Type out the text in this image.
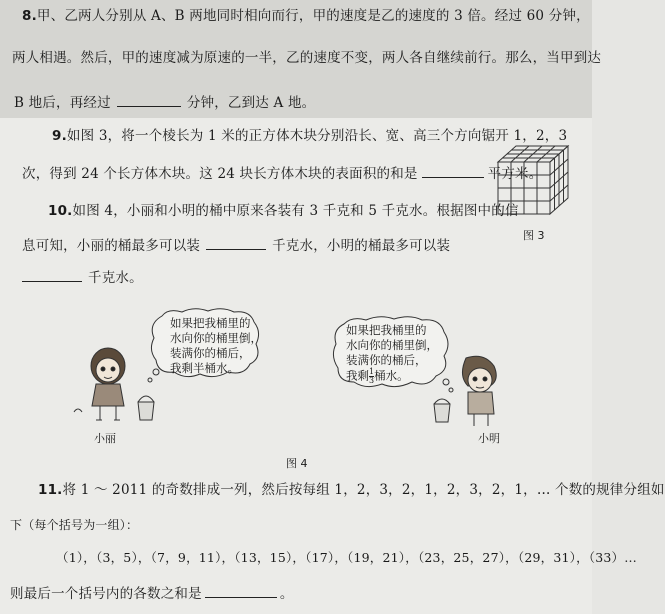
8.甲、乙两人分别从 A、B 两地同时相向而行，甲的速度是乙的速度的 3 倍。经过 60 分钟，
两人相遇。然后，甲的速度减为原速的一半，乙的速度不变，两人各自继续前行。那么，当甲到达
B 地后，再经过	分钟，乙到达 A 地。
9.如图 3，将一个棱长为 1 米的正方体木块分别沿长、宽、高三个方向锯开 1，2，3
次，得到 24 个长方体木块。这 24 块长方体木块的表面积的和是	平方米。
图 3
10.如图 4，小丽和小明的桶中原来各装有 3 千克和 5 千克水。根据图中的信
息可知，小丽的桶最多可以装	千克水，小明的桶最多可以装
千克水。
如果把我桶里的
水向你的桶里倒，
装满你的桶后，
我剩半桶水。
如果把我桶里的
水向你的桶里倒，
装满你的桶后，
我剩 $\frac{1}{3}$ 桶水。
小丽	小明
图 4
11.将 1 ～ 2011 的奇数排成一列，然后按每组 1，2，3，2，1，2，3，2，1，… 个数的规律分组如
下（每个括号为一组）：
（1），（3，5），（7，9，11），（13，15），（17），（19，21），（23，25，27），（29，31），（33）…
则最后一个括号内的各数之和是	。
